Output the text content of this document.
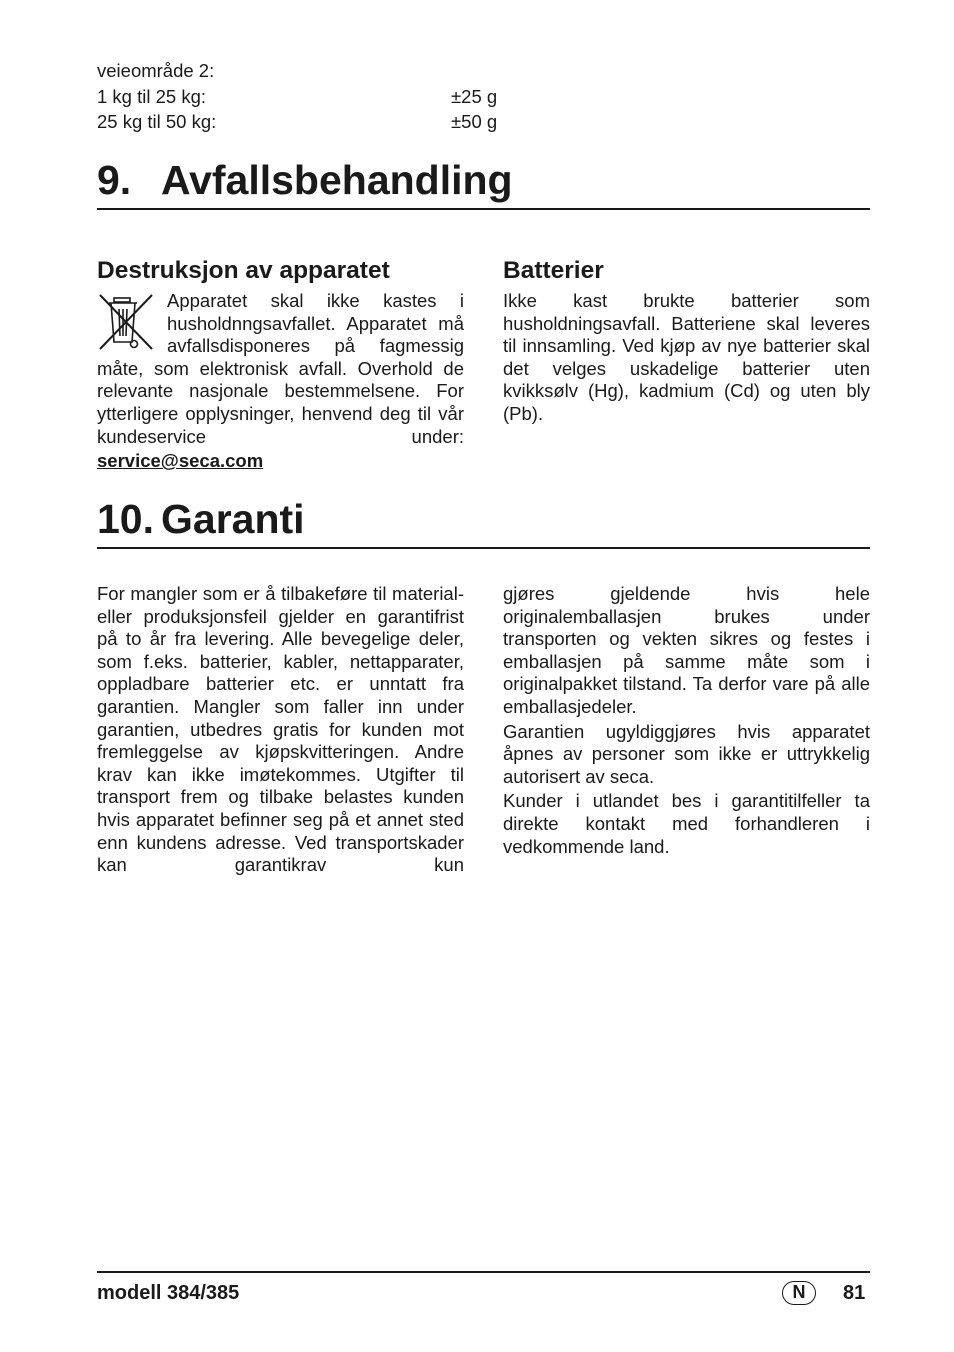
veieområde 2:
1 kg til 25 kg:	±25 g
25 kg til 50 kg:	±50 g
9. Avfallsbehandling
Destruksjon av apparatet

Apparatet skal ikke kastes i husholdnngsavfallet. Apparatet må avfallsdisponeres på fagmessig måte, som elektronisk avfall. Overhold de relevante nasjonale bestemmelsene. For ytterligere opplysninger, henvend deg til vår kundeservice under:

service@seca.com
Batterier

Ikke kast brukte batterier som husholdningsavfall. Batteriene skal leveres til innsamling. Ved kjøp av nye batterier skal det velges uskadelige batterier uten kvikksølv (Hg), kadmium (Cd) og uten bly (Pb).

10. Garanti

For mangler som er å tilbakeføre til material- eller produksjonsfeil gjelder en garantifrist på to år fra levering. Alle bevegelige deler, som f.eks. batterier, kabler, nettapparater, oppladbare batterier etc. er unntatt fra garantien. Mangler som faller inn under garantien, utbedres gratis for kunden mot fremleggelse av kjøpskvitteringen. Andre krav kan ikke imøtekommes. Utgifter til transport frem og tilbake belastes kunden hvis apparatet befinner seg på et annet sted enn kundens adresse. Ved transportskader kan garantikrav kun

gjøres gjeldende hvis hele originalemballasjen brukes under transporten og vekten sikres og festes i emballasjen på samme måte som i originalpakket tilstand. Ta derfor vare på alle emballasjedeler.

Garantien ugyldiggjøres hvis apparatet åpnes av personer som ikke er uttrykkelig autorisert av seca.

Kunder i utlandet bes i garantitilfeller ta direkte kontakt med forhandleren i vedkommende land.

modell 384/385	N	81
